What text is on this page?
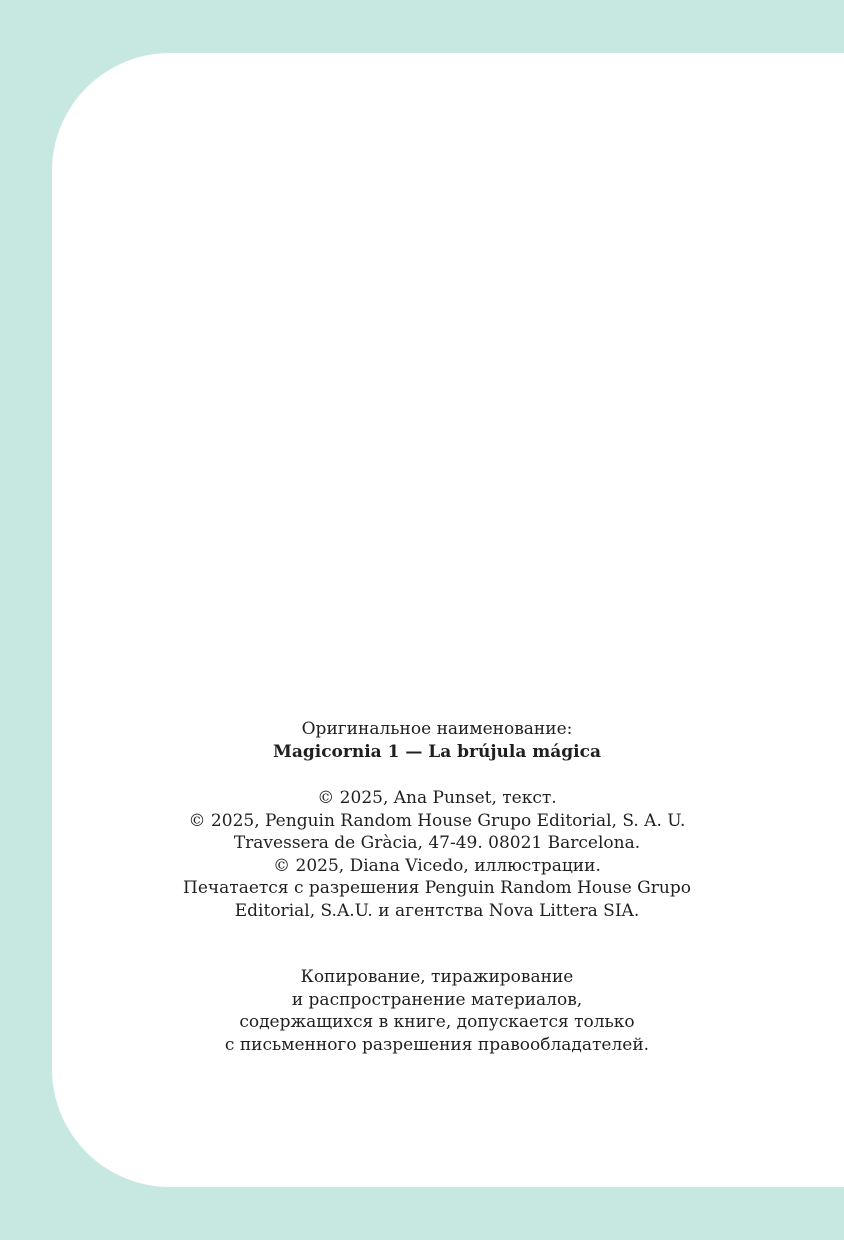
Оригинальное наименование:

Magicornia 1 — La brújula mágica

© 2025, Ana Punset, текст.

© 2025, Penguin Random House Grupo Editorial, S. A. U.

Travessera de Gràcia, 47-49. 08021 Barcelona.

© 2025, Diana Vicedo, иллюстрации.

Печатается с разрешения Penguin Random House Grupo

Editorial, S.A.U. и агентства Nova Littera SIA.

Копирование, тиражирование

и распространение материалов,

содержащихся в книге, допускается только

с письменного разрешения правообладателей.
